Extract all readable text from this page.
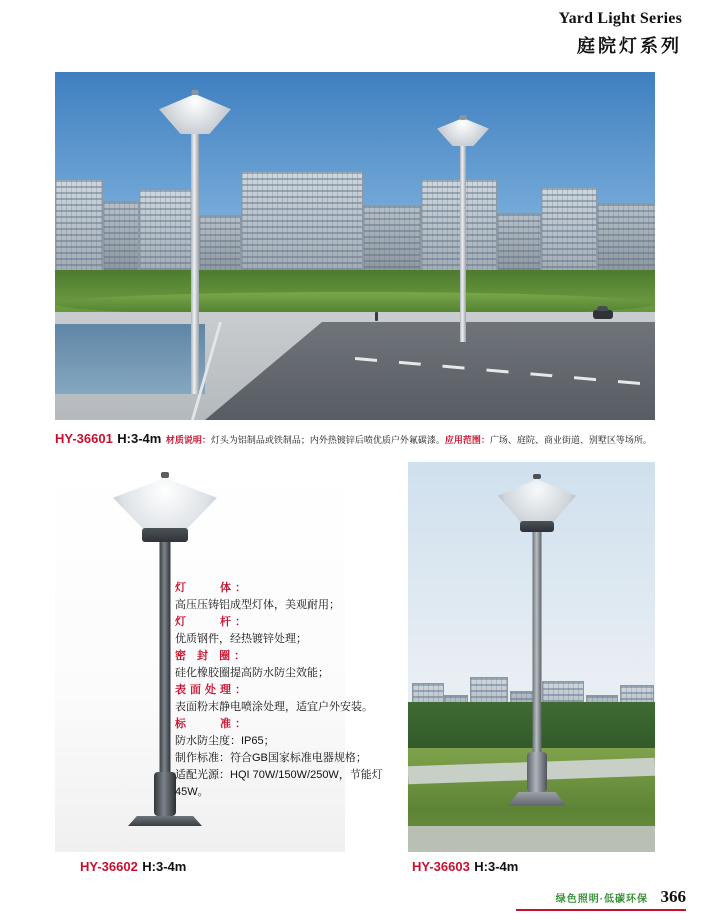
Yard Light Series
庭院灯系列
HY-36601 H:3-4m 材质说明：灯头为铝制品或铁制品；内外热镀锌后喷优质户外氟碳漆。应用范围：广场、庭院、商业街道、别墅区等场所。
灯　　体：
高压压铸铝成型灯体，美观耐用；
灯　　杆：
优质钢件，经热镀锌处理；
密 封 圈：
硅化橡胶圈提高防水防尘效能；
表面处理：
表面粉末静电喷涂处理，适宜户外安装。
标　　准：
防水防尘度：IP65；
制作标准：符合GB国家标准电器规格；
适配光源：HQI 70W/150W/250W，节能灯45W。
HY-36602 H:3-4m	HY-36603 H:3-4m
绿色照明·低碳环保 366
